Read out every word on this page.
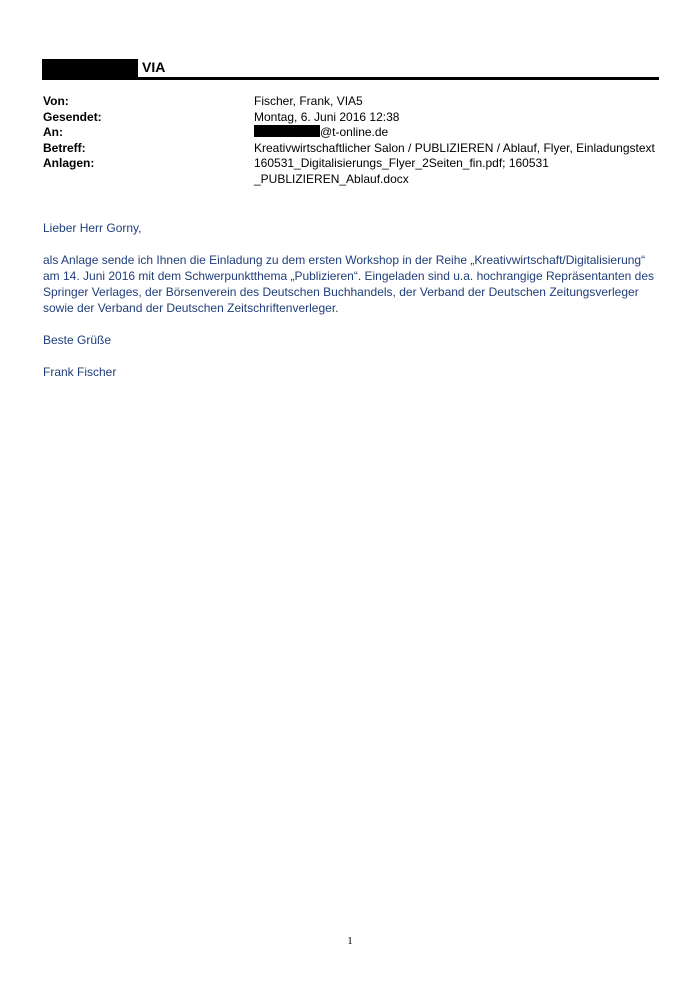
VIA
Von:	Fischer, Frank, VIA5
Gesendet:	Montag, 6. Juni 2016 12:38
An:	@t-online.de
Betreff:	Kreativwirtschaftlicher Salon / PUBLIZIEREN / Ablauf, Flyer, Einladungstext
Anlagen:	160531_Digitalisierungs_Flyer_2Seiten_fin.pdf; 160531
_PUBLIZIEREN_Ablauf.docx

Lieber Herr Gorny,

als Anlage sende ich Ihnen die Einladung zu dem ersten Workshop in der Reihe „Kreativwirtschaft/Digitalisierung“ am 14. Juni 2016 mit dem Schwerpunktthema „Publizieren“. Eingeladen sind u.a. hochrangige Repräsentanten des Springer Verlages, der Börsenverein des Deutschen Buchhandels, der Verband der Deutschen Zeitungsverleger sowie der Verband der Deutschen Zeitschriftenverleger.

Beste Grüße

Frank Fischer

1
